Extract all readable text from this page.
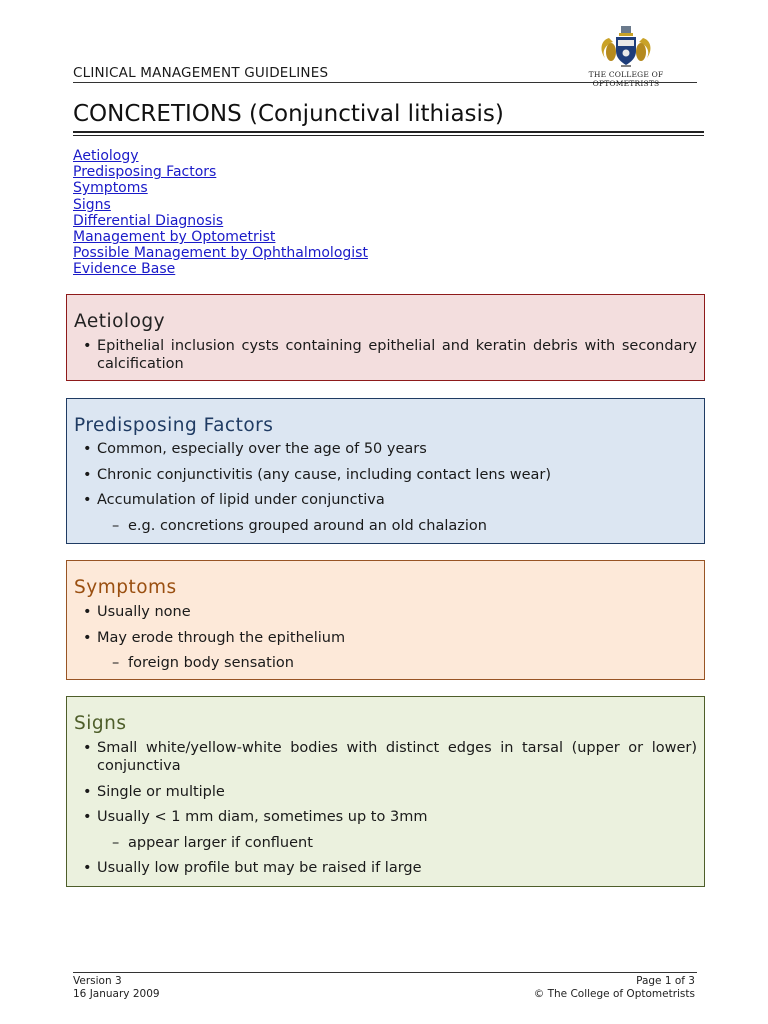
CLINICAL MANAGEMENT GUIDELINES	THE COLLEGE OF OPTOMETRISTS
CONCRETIONS (Conjunctival lithiasis)
Aetiology
Predisposing Factors
Symptoms
Signs
Differential Diagnosis
Management by Optometrist
Possible Management by Ophthalmologist
Evidence Base
Aetiology
• Epithelial inclusion cysts containing epithelial and keratin debris with secondary calcification
Predisposing Factors
• Common, especially over the age of 50 years
• Chronic conjunctivitis (any cause, including contact lens wear)
• Accumulation of lipid under conjunctiva
– e.g. concretions grouped around an old chalazion
Symptoms
• Usually none
• May erode through the epithelium
– foreign body sensation
Signs
• Small white/yellow-white bodies with distinct edges in tarsal (upper or lower) conjunctiva
• Single or multiple
• Usually < 1 mm diam, sometimes up to 3mm
– appear larger if confluent
• Usually low profile but may be raised if large
Version 3
16 January 2009
Page 1 of 3
© The College of Optometrists
